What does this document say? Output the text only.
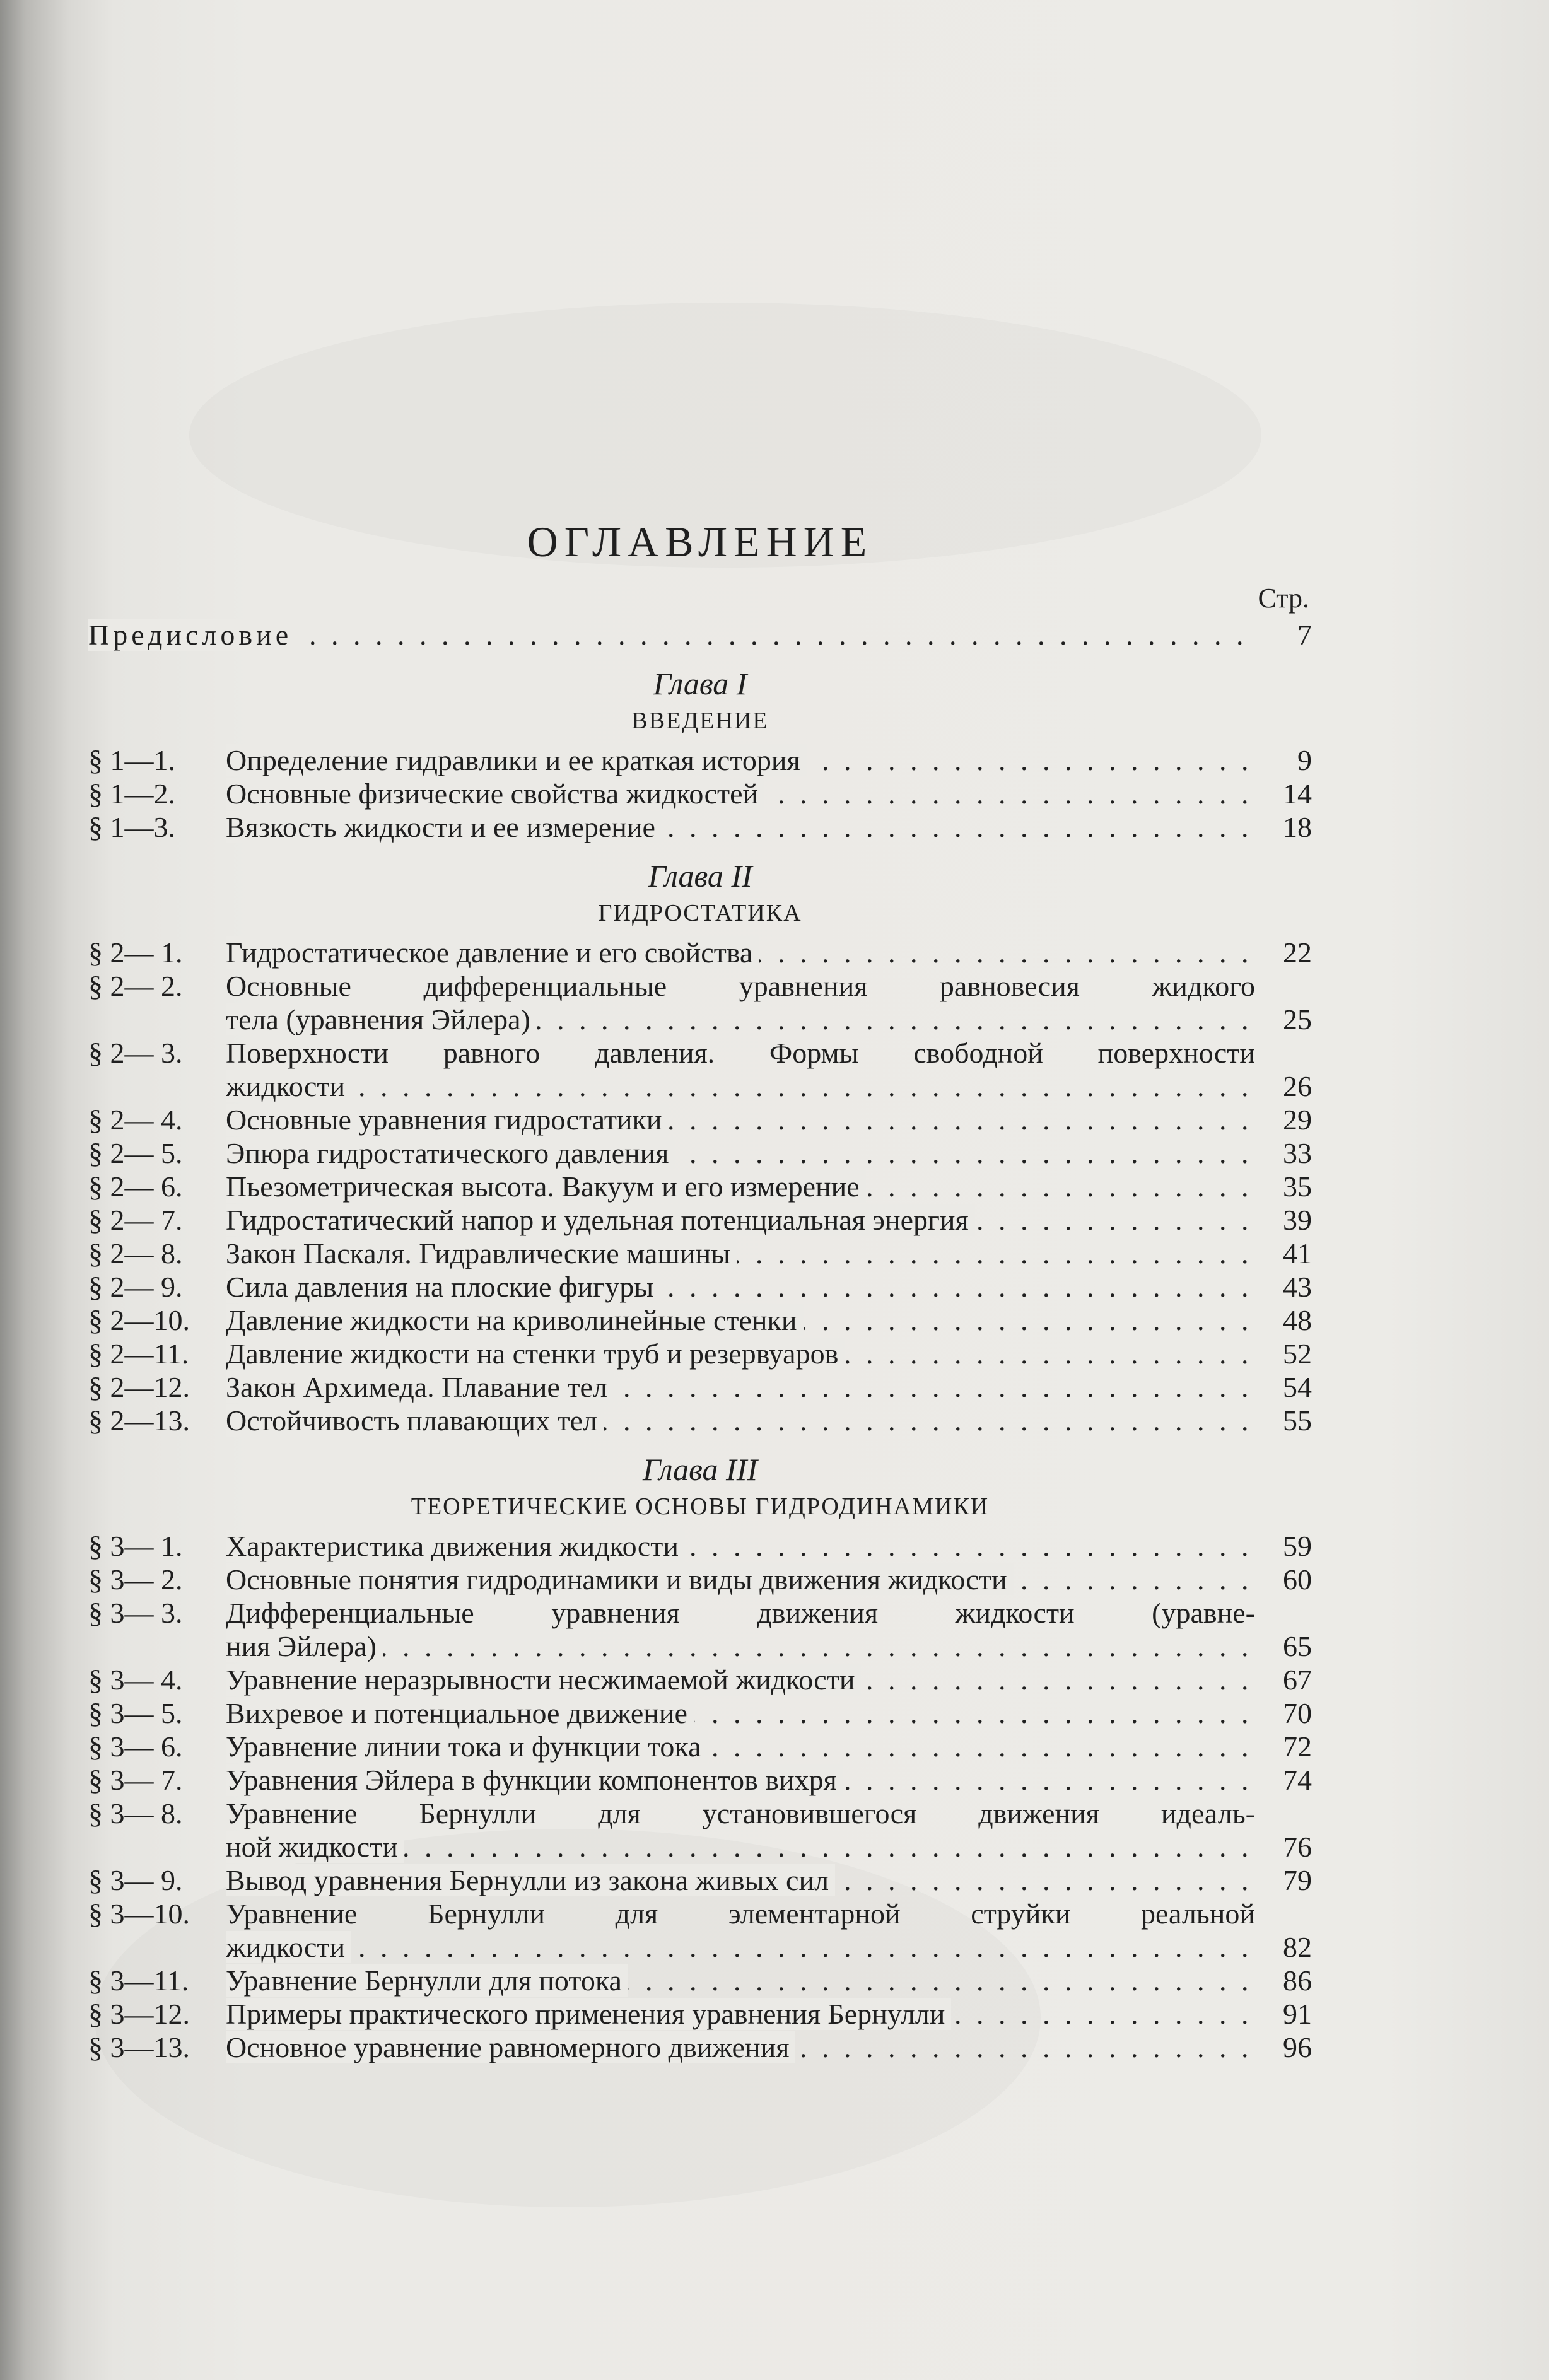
ОГЛАВЛЕНИЕ
Стр.
Предисловие . . .	7
Глава I
ВВЕДЕНИЕ
§ 1—1.	Определение гидравлики и ее краткая история . . .	9
§ 1—2.	Основные физические свойства жидкостей . . .	14
§ 1—3.	Вязкость жидкости и ее измерение . . .	18
Глава II
ГИДРОСТАТИКА
§ 2— 1.	Гидростатическое давление и его свойства . . .	22
§ 2— 2.	Основные дифференциальные уравнения равновесия жидкого
тела (уравнения Эйлера) . . .	25
§ 2— 3.	Поверхности равного давления. Формы свободной поверхности
жидкости . . .	26
§ 2— 4.	Основные уравнения гидростатики . . .	29
§ 2— 5.	Эпюра гидростатического давления . . .	33
§ 2— 6.	Пьезометрическая высота. Вакуум и его измерение . . .	35
§ 2— 7.	Гидростатический напор и удельная потенциальная энергия . . .	39
§ 2— 8.	Закон Паскаля. Гидравлические машины . . .	41
§ 2— 9.	Сила давления на плоские фигуры . . .	43
§ 2—10.	Давление жидкости на криволинейные стенки . . .	48
§ 2—11.	Давление жидкости на стенки труб и резервуаров . . .	52
§ 2—12.	Закон Архимеда. Плавание тел . . .	54
§ 2—13.	Остойчивость плавающих тел . . .	55
Глава III
ТЕОРЕТИЧЕСКИЕ ОСНОВЫ ГИДРОДИНАМИКИ
§ 3— 1.	Характеристика движения жидкости . . .	59
§ 3— 2.	Основные понятия гидродинамики и виды движения жидкости . . .	60
§ 3— 3.	Дифференциальные уравнения движения жидкости (уравне-
ния Эйлера) . . .	65
§ 3— 4.	Уравнение неразрывности несжимаемой жидкости . . .	67
§ 3— 5.	Вихревое и потенциальное движение . . .	70
§ 3— 6.	Уравнение линии тока и функции тока . . .	72
§ 3— 7.	Уравнения Эйлера в функции компонентов вихря . . .	74
§ 3— 8.	Уравнение Бернулли для установившегося движения идеаль-
ной жидкости . . .	76
§ 3— 9.	Вывод уравнения Бернулли из закона живых сил . . .	79
§ 3—10.	Уравнение Бернулли для элементарной струйки реальной
жидкости . . .	82
§ 3—11.	Уравнение Бернулли для потока . . .	86
§ 3—12.	Примеры практического применения уравнения Бернулли . . .	91
§ 3—13.	Основное уравнение равномерного движения . . .	96
